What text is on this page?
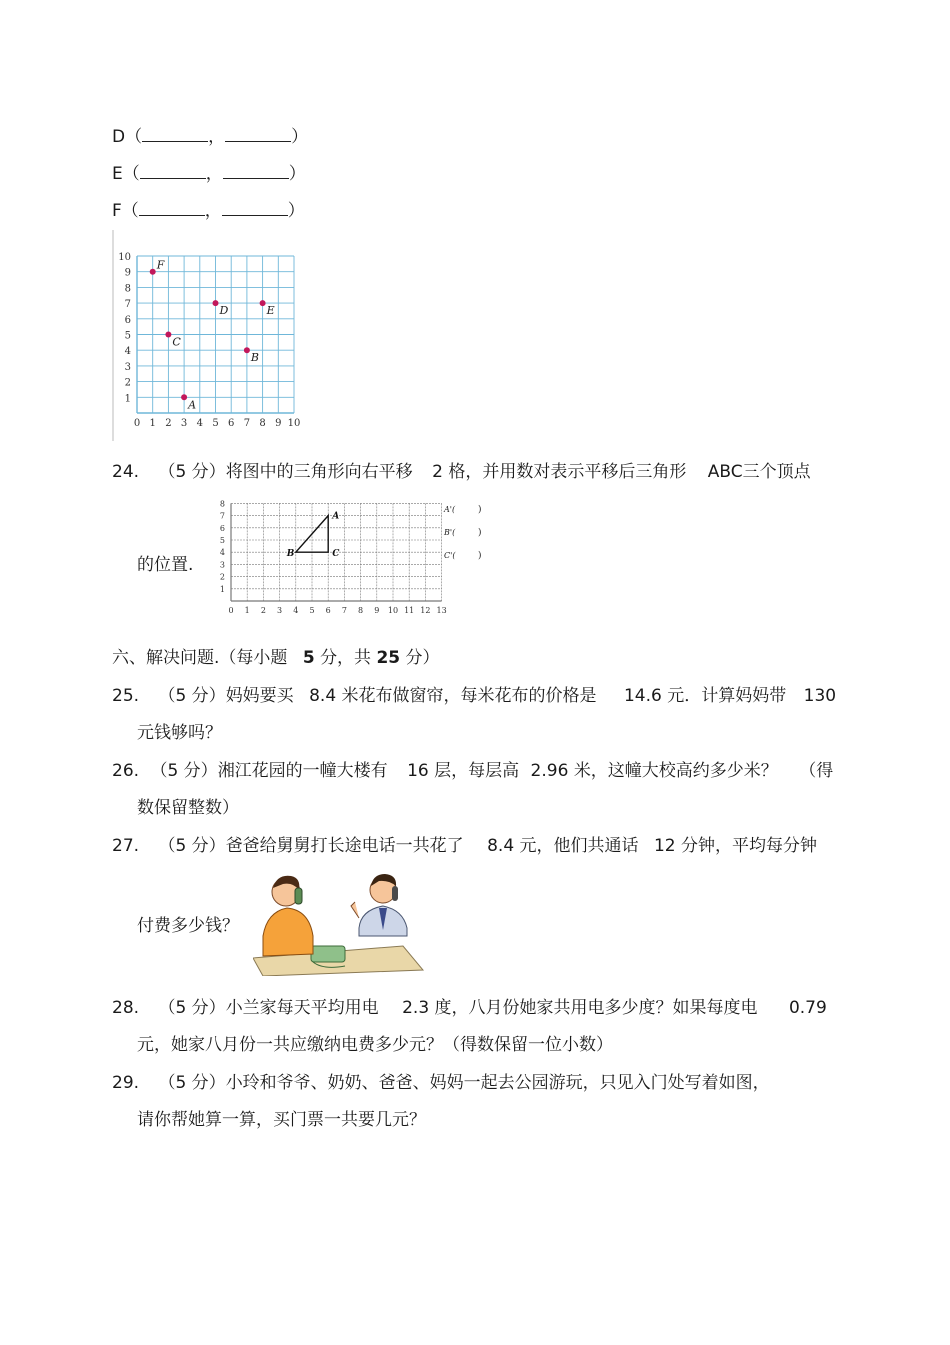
D（	，	）
E（	，	）
F（	，	）
0 1 2 3 4 5 6 7 8 9 10
1
2
3
4
5
6
7
8
9
10
F
D	E
C
B
A
24. （5 分）将图中的三角形向右平移 2 格，并用数对表示平移后三角形 ABC三个顶点
的位置.
0 1 2 3 4 5 6 7 8 9 10 11 12 13
1
2
3
4
5
6
7
8
A
B	C
A'(	)
B'(	)
C'(	)
六、解决问题.（每小题 5 分，共 25 分）
25. （5 分）妈妈要买 8.4 米花布做窗帘，每米花布的价格是 14.6 元．计算妈妈带 130
元钱够吗？
26. （5 分）湘江花园的一幢大楼有 16 层，每层高 2.96 米，这幢大校高约多少米？ （得
数保留整数）
27. （5 分）爸爸给舅舅打长途电话一共花了 8.4 元，他们共通话 12 分钟，平均每分钟
付费多少钱？
28. （5 分）小兰家每天平均用电 2.3 度，八月份她家共用电多少度？如果每度电 0.79
元，她家八月份一共应缴纳电费多少元？（得数保留一位小数）
29. （5 分）小玲和爷爷、奶奶、爸爸、妈妈一起去公园游玩，只见入门处写着如图，
请你帮她算一算，买门票一共要几元？
